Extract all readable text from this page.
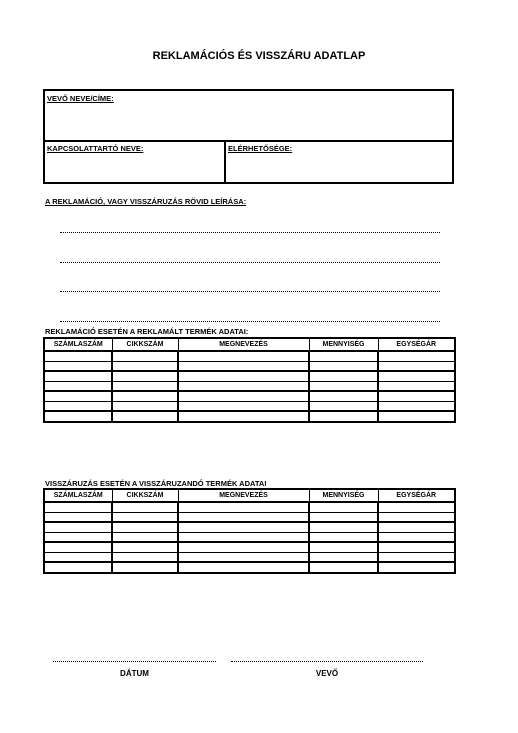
REKLAMÁCIÓS ÉS VISSZÁRU ADATLAP
VEVŐ NEVE/CÍME:
KAPCSOLATTARTÓ NEVE:	ELÉRHETŐSÉGE:
A REKLAMÁCIÓ, VAGY VISSZÁRUZÁS RÖVID LEÍRÁSA:
REKLAMÁCIÓ ESETÉN A REKLAMÁLT TERMÉK ADATAI:
SZÁMLASZÁM	CIKKSZÁM	MEGNEVEZÉS	MENNYISÉG	EGYSÉGÁR

VISSZÁRUZÁS ESETÉN A VISSZÁRUZANDÓ TERMÉK ADATAI
SZÁMLASZÁM	CIKKSZÁM	MEGNEVEZÉS	MENNYISÉG	EGYSÉGÁR

DÁTUM	VEVŐ
